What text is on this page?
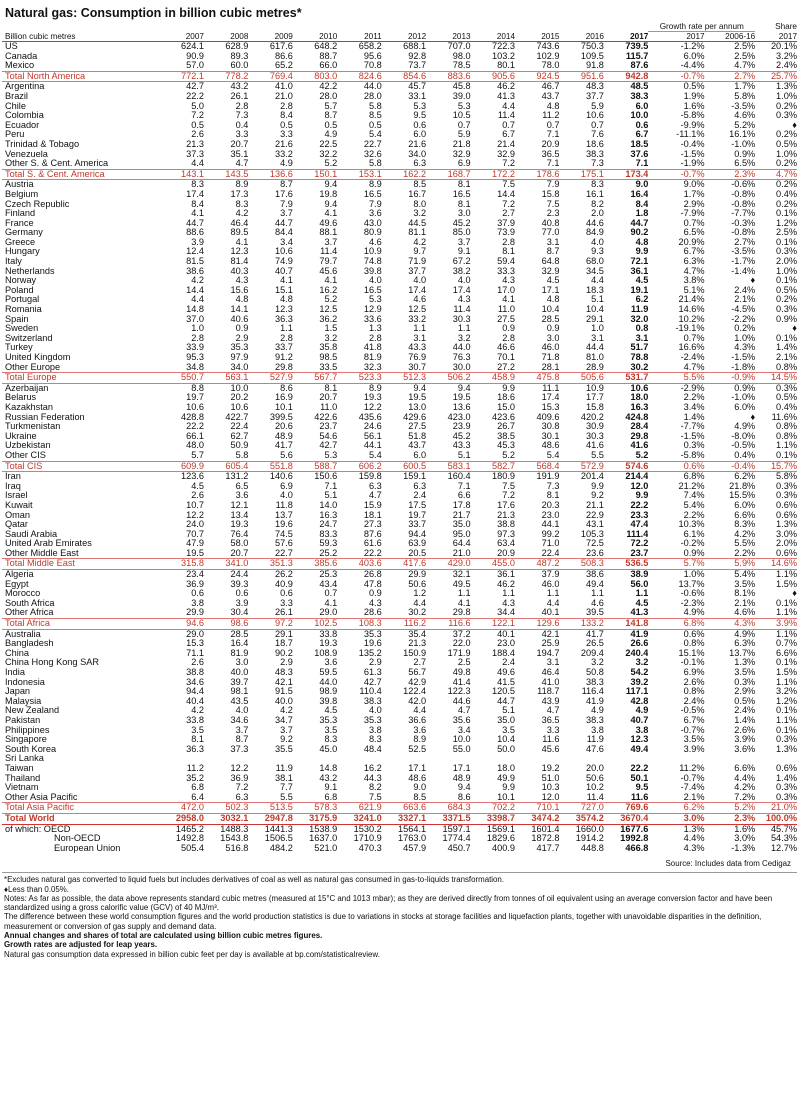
Natural gas: Consumption in billion cubic metres*
												Growth rate per annum		Share
Billion cubic metres	2007	2008	2009	2010	2011	2012	2013	2014	2015	2016	2017	2017	2006-16	2017
US	624.1	628.9	617.6	648.2	658.2	688.1	707.0	722.3	743.6	750.3	739.5	-1.2%	2.5%	20.1%
Canada	90.9	89.3	86.6	88.7	95.6	92.8	98.0	103.2	102.9	109.5	115.7	6.0%	2.5%	3.2%
Mexico	57.0	60.0	65.2	66.0	70.8	73.7	78.5	80.1	78.0	91.8	87.6	-4.4%	4.7%	2.4%
Total North America	772.1	778.2	769.4	803.0	824.6	854.6	883.6	905.6	924.5	951.6	942.8	-0.7%	2.7%	25.7%
Argentina	42.7	43.2	41.0	42.2	44.0	45.7	45.8	46.2	46.7	48.3	48.5	0.5%	1.7%	1.3%
Brazil	22.2	26.1	21.0	28.0	28.0	33.1	39.0	41.3	43.7	37.7	38.3	1.9%	5.8%	1.0%
Chile	5.0	2.8	2.8	5.7	5.8	5.3	5.3	4.4	4.8	5.9	6.0	1.6%	-3.5%	0.2%
Colombia	7.2	7.3	8.4	8.7	8.5	9.5	10.5	11.4	11.2	10.6	10.0	-5.8%	4.6%	0.3%
Ecuador	0.5	0.4	0.5	0.5	0.5	0.6	0.7	0.7	0.7	0.7	0.6	-9.9%	5.2%	♦
Peru	2.6	3.3	3.3	4.9	5.4	6.0	5.9	6.7	7.1	7.6	6.7	-11.1%	16.1%	0.2%
Trinidad & Tobago	21.3	20.7	21.6	22.5	22.7	21.6	21.8	21.4	20.9	18.6	18.5	-0.4%	-1.0%	0.5%
Venezuela	37.3	35.1	33.2	32.2	32.6	34.0	32.9	32.9	36.5	38.3	37.6	-1.5%	0.9%	1.0%
Other S. & Cent. America	4.4	4.7	4.9	5.2	5.8	6.3	6.9	7.2	7.1	7.3	7.1	-1.9%	6.5%	0.2%
Total S. & Cent. America	143.1	143.5	136.6	150.1	153.1	162.2	168.7	172.2	178.6	175.1	173.4	-0.7%	2.3%	4.7%
Austria	8.3	8.9	8.7	9.4	8.9	8.5	8.1	7.5	7.9	8.3	9.0	9.0%	-0.6%	0.2%
Belgium	17.4	17.3	17.6	19.8	16.5	16.7	16.5	14.4	15.8	16.1	16.4	1.7%	-0.8%	0.4%
Czech Republic	8.4	8.3	7.9	9.4	7.9	8.0	8.1	7.2	7.5	8.2	8.4	2.9%	-0.8%	0.2%
Finland	4.1	4.2	3.7	4.1	3.6	3.2	3.0	2.7	2.3	2.0	1.8	-7.9%	-7.7%	0.1%
France	44.7	46.4	44.7	49.6	43.0	44.5	45.2	37.9	40.8	44.6	44.7	0.7%	-0.3%	1.2%
Germany	88.6	89.5	84.4	88.1	80.9	81.1	85.0	73.9	77.0	84.9	90.2	6.5%	-0.8%	2.5%
Greece	3.9	4.1	3.4	3.7	4.6	4.2	3.7	2.8	3.1	4.0	4.8	20.9%	2.7%	0.1%
Hungary	12.4	12.3	10.6	11.4	10.9	9.7	9.1	8.1	8.7	9.3	9.9	6.7%	-3.5%	0.3%
Italy	81.5	81.4	74.9	79.7	74.8	71.9	67.2	59.4	64.8	68.0	72.1	6.3%	-1.7%	2.0%
Netherlands	38.6	40.3	40.7	45.6	39.8	37.7	38.2	33.3	32.9	34.5	36.1	4.7%	-1.4%	1.0%
Norway	4.2	4.3	4.1	4.1	4.0	4.0	4.0	4.3	4.5	4.4	4.5	3.8%	♦	0.1%
Poland	14.4	15.6	15.1	16.2	16.5	17.4	17.4	17.0	17.1	18.3	19.1	5.1%	2.4%	0.5%
Portugal	4.4	4.8	4.8	5.2	5.3	4.6	4.3	4.1	4.8	5.1	6.2	21.4%	2.1%	0.2%
Romania	14.8	14.1	12.3	12.5	12.9	12.5	11.4	11.0	10.4	10.4	11.9	14.6%	-4.5%	0.3%
Spain	37.0	40.6	36.3	36.2	33.6	33.2	30.3	27.5	28.5	29.1	32.0	10.2%	-2.2%	0.9%
Sweden	1.0	0.9	1.1	1.5	1.3	1.1	1.1	0.9	0.9	1.0	0.8	-19.1%	0.2%	♦
Switzerland	2.8	2.9	2.8	3.2	2.8	3.1	3.2	2.8	3.0	3.1	3.1	0.7%	1.0%	0.1%
Turkey	33.9	35.3	33.7	35.8	41.8	43.3	44.0	46.6	46.0	44.4	51.7	16.6%	4.3%	1.4%
United Kingdom	95.3	97.9	91.2	98.5	81.9	76.9	76.3	70.1	71.8	81.0	78.8	-2.4%	-1.5%	2.1%
Other Europe	34.8	34.0	29.8	33.5	32.3	30.7	30.0	27.2	28.1	28.9	30.2	4.7%	-1.8%	0.8%
Total Europe	550.7	563.1	527.9	567.7	523.3	512.3	506.2	458.9	475.8	505.6	531.7	5.5%	-0.9%	14.5%
Azerbaijan	8.8	10.0	8.6	8.1	8.9	9.4	9.4	9.9	11.1	10.9	10.6	-2.9%	0.9%	0.3%
Belarus	19.7	20.2	16.9	20.7	19.3	19.5	19.5	18.6	17.4	17.7	18.0	2.2%	-1.0%	0.5%
Kazakhstan	10.6	10.6	10.1	11.0	12.2	13.0	13.6	15.0	15.3	15.8	16.3	3.4%	6.0%	0.4%
Russian Federation	428.8	422.7	399.5	422.6	435.6	429.6	423.0	423.6	409.6	420.2	424.8	1.4%	♦	11.6%
Turkmenistan	22.2	22.4	20.6	23.7	24.6	27.5	23.9	26.7	30.8	30.9	28.4	-7.7%	4.9%	0.8%
Ukraine	66.1	62.7	48.9	54.6	56.1	51.8	45.2	38.5	30.1	30.3	29.8	-1.5%	-8.0%	0.8%
Uzbekistan	48.0	50.9	41.7	42.7	44.1	43.7	43.3	45.3	48.6	41.6	41.6	0.3%	-0.5%	1.1%
Other CIS	5.7	5.8	5.6	5.3	5.4	6.0	5.1	5.2	5.4	5.5	5.2	-5.8%	0.4%	0.1%
Total CIS	609.9	605.4	551.8	588.7	606.2	600.5	583.1	582.7	568.4	572.9	574.6	0.6%	-0.4%	15.7%
Iran	123.6	131.2	140.6	150.6	159.8	159.1	160.4	180.9	191.9	201.4	214.4	6.8%	6.2%	5.8%
Iraq	4.5	6.5	6.9	7.1	6.3	6.3	7.1	7.5	7.3	9.9	12.0	21.2%	21.8%	0.3%
Israel	2.6	3.6	4.0	5.1	4.7	2.4	6.6	7.2	8.1	9.2	9.9	7.4%	15.5%	0.3%
Kuwait	10.7	12.1	11.8	14.0	15.9	17.5	17.8	17.6	20.3	21.1	22.2	5.4%	6.0%	0.6%
Oman	12.2	13.4	13.7	16.3	18.1	19.7	21.7	21.3	23.0	22.9	23.3	2.2%	6.6%	0.6%
Qatar	24.0	19.3	19.6	24.7	27.3	33.7	35.0	38.8	44.1	43.1	47.4	10.3%	8.3%	1.3%
Saudi Arabia	70.7	76.4	74.5	83.3	87.6	94.4	95.0	97.3	99.2	105.3	111.4	6.1%	4.2%	3.0%
United Arab Emirates	47.9	58.0	57.6	59.3	61.6	63.9	64.4	63.4	71.0	72.5	72.2	-0.2%	5.5%	2.0%
Other Middle East	19.5	20.7	22.7	25.2	22.2	20.5	21.0	20.9	22.4	23.6	23.7	0.9%	2.2%	0.6%
Total Middle East	315.8	341.0	351.3	385.6	403.6	417.6	429.0	455.0	487.2	508.3	536.5	5.7%	5.9%	14.6%
Algeria	23.4	24.4	26.2	25.3	26.8	29.9	32.1	36.1	37.9	38.6	38.9	1.0%	5.4%	1.1%
Egypt	36.9	39.3	40.9	43.4	47.8	50.6	49.5	46.2	46.0	49.4	56.0	13.7%	3.5%	1.5%
Morocco	0.6	0.6	0.6	0.7	0.9	1.2	1.1	1.1	1.1	1.1	1.1	-0.6%	8.1%	♦
South Africa	3.8	3.9	3.3	4.1	4.3	4.4	4.1	4.3	4.4	4.6	4.5	-2.3%	2.1%	0.1%
Other Africa	29.9	30.4	26.1	29.0	28.6	30.2	29.8	34.4	40.1	39.5	41.3	4.9%	4.6%	1.1%
Total Africa	94.6	98.6	97.2	102.5	108.3	116.2	116.6	122.1	129.6	133.2	141.8	6.8%	4.3%	3.9%
Australia	29.0	28.5	29.1	33.8	35.3	35.4	37.2	40.1	42.1	41.7	41.9	0.6%	4.9%	1.1%
Bangladesh	15.3	16.4	18.7	19.3	19.6	21.3	22.0	23.0	25.9	26.5	26.6	0.8%	6.3%	0.7%
China	71.1	81.9	90.2	108.9	135.2	150.9	171.9	188.4	194.7	209.4	240.4	15.1%	13.7%	6.6%
China Hong Kong SAR	2.6	3.0	2.9	3.6	2.9	2.7	2.5	2.4	3.1	3.2	3.2	-0.1%	1.3%	0.1%
India	38.8	40.0	48.3	59.5	61.3	56.7	49.8	49.6	46.4	50.8	54.2	6.9%	3.5%	1.5%
Indonesia	34.6	39.7	42.1	44.0	42.7	42.9	41.4	41.5	41.0	38.3	39.2	2.6%	0.3%	1.1%
Japan	94.4	98.1	91.5	98.9	110.4	122.4	122.3	120.5	118.7	116.4	117.1	0.8%	2.9%	3.2%
Malaysia	40.4	43.5	40.0	39.8	38.3	42.0	44.6	44.7	43.9	41.9	42.8	2.4%	0.5%	1.2%
New Zealand	4.2	4.0	4.2	4.5	4.0	4.4	4.7	5.1	4.7	4.9	4.9	-0.5%	2.4%	0.1%
Pakistan	33.8	34.6	34.7	35.3	35.3	36.6	35.6	35.0	36.5	38.3	40.7	6.7%	1.4%	1.1%
Philippines	3.5	3.7	3.7	3.5	3.8	3.6	3.4	3.5	3.3	3.8	3.8	-0.7%	2.6%	0.1%
Singapore	8.1	8.7	9.2	8.3	8.3	8.9	10.0	10.4	11.6	11.9	12.3	3.5%	3.9%	0.3%
South Korea	36.3	37.3	35.5	45.0	48.4	52.5	55.0	50.0	45.6	47.6	49.4	3.9%	3.6%	1.3%
Sri Lanka														
Taiwan	11.2	12.2	11.9	14.8	16.2	17.1	17.1	18.0	19.2	20.0	22.2	11.2%	6.6%	0.6%
Thailand	35.2	36.9	38.1	43.2	44.3	48.6	48.9	49.9	51.0	50.6	50.1	-0.7%	4.4%	1.4%
Vietnam	6.8	7.2	7.7	9.1	8.2	9.0	9.4	9.9	10.3	10.2	9.5	-7.4%	4.2%	0.3%
Other Asia Pacific	6.4	6.3	5.5	6.8	7.5	8.5	8.6	10.1	12.0	11.4	11.6	2.1%	7.2%	0.3%
Total Asia Pacific	472.0	502.3	513.5	578.3	621.9	663.6	684.3	702.2	710.1	727.0	769.6	6.2%	5.2%	21.0%
Total World	2958.0	3032.1	2947.8	3175.9	3241.0	3327.1	3371.5	3398.7	3474.2	3574.2	3670.4	3.0%	2.3%	100.0%
of which: OECD	1465.2	1488.3	1441.3	1538.9	1530.2	1564.1	1597.1	1569.1	1601.4	1660.0	1677.6	1.3%	1.6%	45.7%
Non-OECD	1492.8	1543.8	1506.5	1637.0	1710.9	1763.0	1774.4	1829.6	1872.8	1914.2	1992.8	4.4%	3.0%	54.3%
European Union	505.4	516.8	484.2	521.0	470.3	457.9	450.7	400.9	417.7	448.8	466.8	4.3%	-1.3%	12.7%
Source: Includes data from Cedigaz
*Excludes natural gas converted to liquid fuels but includes derivatives of coal as well as natural gas consumed in gas-to-liquids transformation.
♦Less than 0.05%.
Notes: As far as possible, the data above represents standard cubic metres (measured at 15°C and 1013 mbar); as they are derived directly from tonnes of oil equivalent using an average conversion factor and have been standardized using a gross calorific value (GCV) of 40 MJ/m³.
The difference between these world consumption figures and the world production statistics is due to variations in stocks at storage facilities and liquefaction plants, together with unavoidable disparities in the definition, measurement or conversion of gas supply and demand data.
Annual changes and shares of total are calculated using billion cubic metres figures.
Growth rates are adjusted for leap years.
Natural gas consumption data expressed in billion cubic feet per day is available at bp.com/statisticalreview.
